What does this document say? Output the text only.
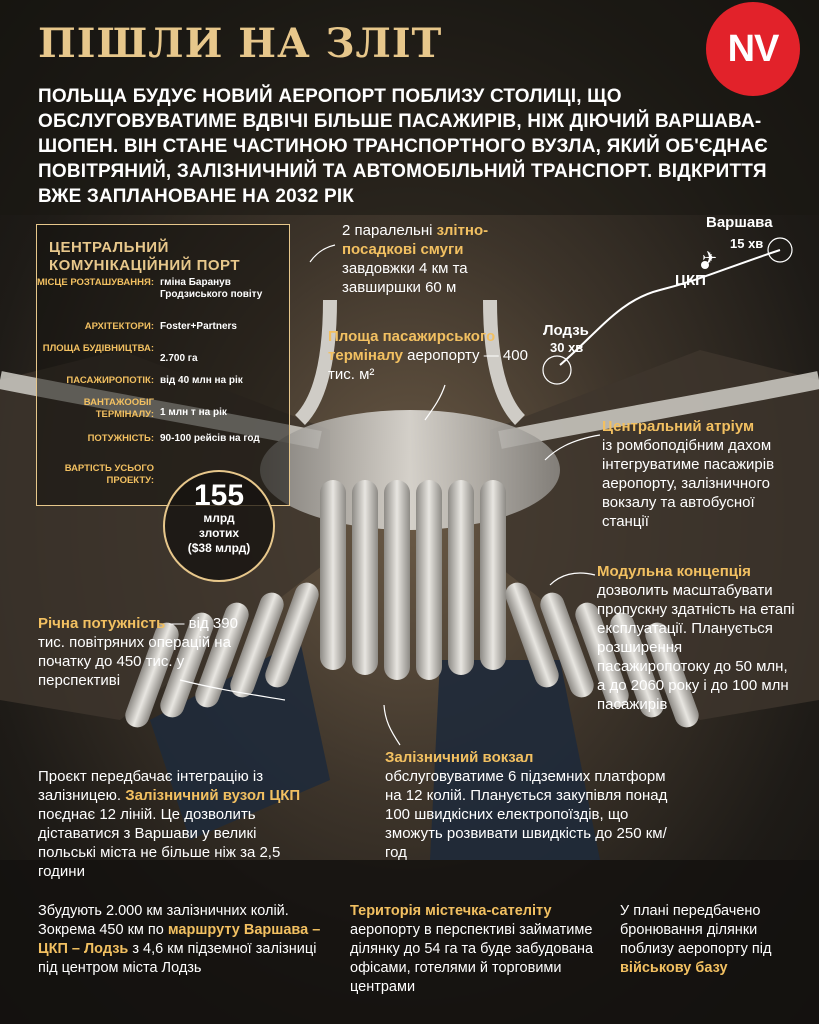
ПІШЛИ НА ЗЛІТ	NV
ПОЛЬЩА БУДУЄ НОВИЙ АЕРОПОРТ ПОБЛИЗУ СТОЛИЦІ, ЩО ОБСЛУГОВУВАТИМЕ ВДВІЧІ БІЛЬШЕ ПАСАЖИРІВ, НІЖ ДІЮЧИЙ ВАРШАВА-ШОПЕН. ВІН СТАНЕ ЧАСТИНОЮ ТРАНСПОРТНОГО ВУЗЛА, ЯКИЙ ОБ'ЄДНАЄ ПОВІТРЯНИЙ, ЗАЛІЗНИЧНИЙ ТА АВТОМОБІЛЬНИЙ ТРАНСПОРТ. ВІДКРИТТЯ ВЖЕ ЗАПЛАНОВАНЕ НА 2032 РІК
ЦЕНТРАЛЬНИЙ КОМУНІКАЦІЙНИЙ ПОРТ
МІСЦЕ РОЗТАШУВАННЯ: гміна Баранув Гродзиського повіту
АРХІТЕКТОРИ: Foster+Partners
ПЛОЩА БУДІВНИЦТВА:
2.700 га
ПАСАЖИРОПОТІК: від 40 млн на рік
ВАНТАЖООБІГ ТЕРМІНАЛУ: 1 млн т на рік
ПОТУЖНІСТЬ: 90-100 рейсів на год
ВАРТІСТЬ УСЬОГО ПРОЕКТУ:	155
млрд
злотих
($38 млрд)
Варшава
15 хв
ЦКП
Лодзь
30 хв
✈
2 паралельні злітно-посадкові смуги
завдовжки 4 км та завширшки 60 м
Площа пасажирського терміналу аеропорту — 400 тис. м²
Центральний атріум
із ромбоподібним дахом інтегруватиме пасажирів аеропорту, залізничного вокзалу та автобусної станції
Модульна концепція
дозволить масштабувати пропускну здатність на етапі експлуатації. Планується розширення пасажиропотоку до 50 млн, а до 2060 року і до 100 млн пасажирів
Річна потужність — від 390 тис. повітряних операцій на початку до 450 тис. у перспективі
Проєкт передбачає інтеграцію із залізницею. Залізничний вузол ЦКП поєднає 12 ліній. Це дозволить діставатися з Варшави у великі польські міста не більше ніж за 2,5 години
Залізничний вокзал
обслуговуватиме 6 підземних платформ на 12 колій. Планується закупівля понад 100 швидкісних електропоїздів, що зможуть розвивати швидкість до 250 км/год
Збудують 2.000 км залізничних колій. Зокрема 450 км по маршруту Варшава – ЦКП – Лодзь з 4,6 км підземної залізниці під центром міста Лодзь
Територія містечка-сателіту
аеропорту в перспективі займатиме ділянку до 54 га та буде забудована офісами, готелями й торговими центрами
У плані передбачено бронювання ділянки поблизу аеропорту під військову базу
